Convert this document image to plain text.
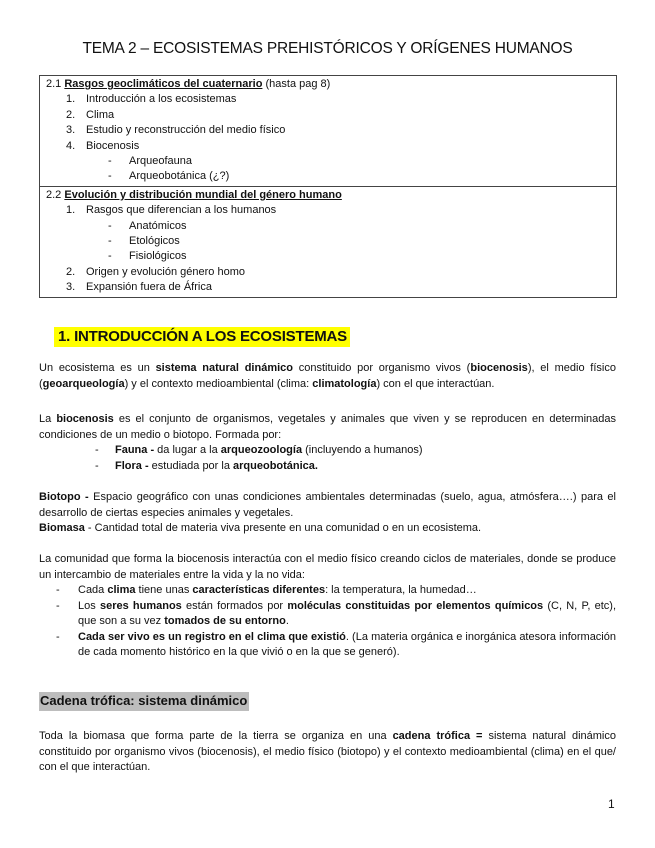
TEMA 2 – ECOSISTEMAS PREHISTÓRICOS Y ORÍGENES HUMANOS
2.1 Rasgos geoclimáticos del cuaternario (hasta pag 8)
1. Introducción a los ecosistemas
2. Clima
3. Estudio y reconstrucción del medio físico
4. Biocenosis
-	Arqueofauna
-	Arqueobotánica (¿?)
2.2 Evolución y distribución mundial del género humano
1. Rasgos que diferencian a los humanos
-	Anatómicos
-	Etológicos
-	Fisiológicos
2. Origen y evolución género homo
3. Expansión fuera de África
1. INTRODUCCIÓN A LOS ECOSISTEMAS
Un ecosistema es un sistema natural dinámico constituido por organismo vivos (biocenosis), el medio físico (geoarqueología) y el contexto medioambiental (clima: climatología) con el que interactúan.
La biocenosis es el conjunto de organismos, vegetales y animales que viven y se reproducen en determinadas condiciones de un medio o biotopo. Formada por:
-	Fauna - da lugar a la arqueozoología (incluyendo a humanos)
-	Flora - estudiada por la arqueobotánica.
Biotopo - Espacio geográfico con unas condiciones ambientales determinadas (suelo, agua, atmósfera….) para el desarrollo de ciertas especies animales y vegetales.
Biomasa - Cantidad total de materia viva presente en una comunidad o en un ecosistema.
La comunidad que forma la biocenosis interactúa con el medio físico creando ciclos de materiales, donde se produce un intercambio de materiales entre la vida y la no vida:
-	Cada clima tiene unas características diferentes: la temperatura, la humedad…
-	Los seres humanos están formados por moléculas constituidas por elementos químicos (C, N, P, etc), que son a su vez tomados de su entorno.
-	Cada ser vivo es un registro en el clima que existió. (La materia orgánica e inorgánica atesora información de cada momento histórico en la que vivió o en la que se generó).
Cadena trófica: sistema dinámico
Toda la biomasa que forma parte de la tierra se organiza en una cadena trófica = sistema natural dinámico constituido por organismo vivos (biocenosis), el medio físico (biotopo) y el contexto medioambiental (clima) en el que/ con el que interactúan.
1
